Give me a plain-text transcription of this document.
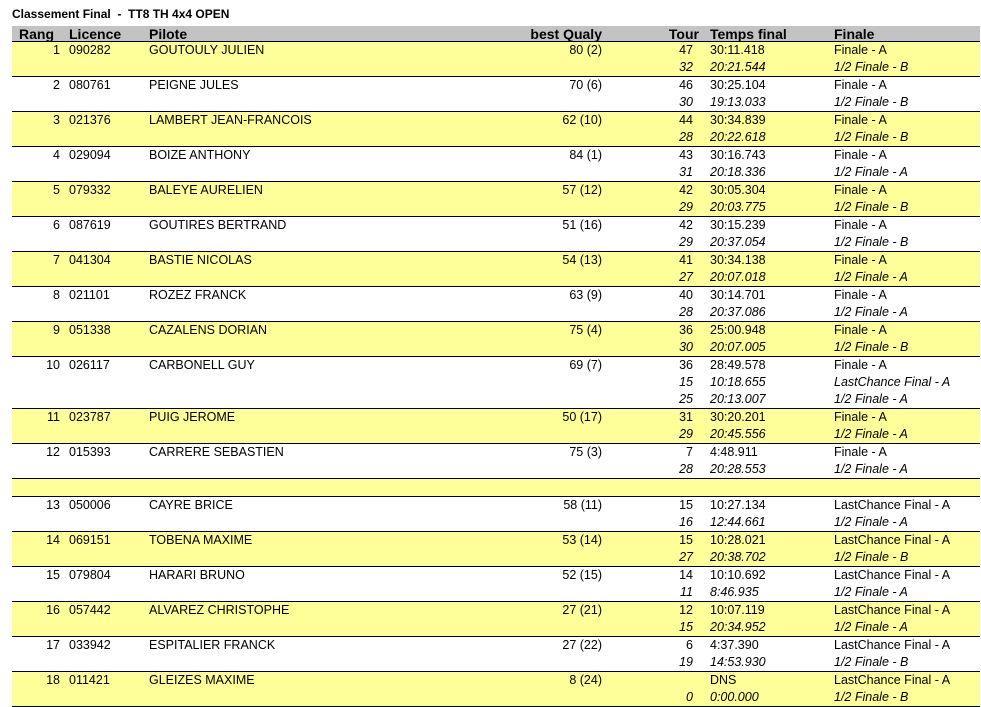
Classement Final  -  TT8 TH 4x4 OPEN
Rang Licence Pilote	best Qualy	Tour Temps final	Finale
1 090282	GOUTOULY JULIEN	80 (2)	47 30:11.418	Finale - A
32 20:21.544	1/2 Finale - B
2 080761	PEIGNE JULES	70 (6)	46 30:25.104	Finale - A
30 19:13.033	1/2 Finale - B
3 021376	LAMBERT JEAN-FRANCOIS	62 (10)	44 30:34.839	Finale - A
28 20:22.618	1/2 Finale - B
4 029094	BOIZE ANTHONY	84 (1)	43 30:16.743	Finale - A
31 20:18.336	1/2 Finale - A
5 079332	BALEYE AURELIEN	57 (12)	42 30:05.304	Finale - A
29 20:03.775	1/2 Finale - B
6 087619	GOUTIRES BERTRAND	51 (16)	42 30:15.239	Finale - A
29 20:37.054	1/2 Finale - B
7 041304	BASTIE NICOLAS	54 (13)	41 30:34.138	Finale - A
27 20:07.018	1/2 Finale - A
8 021101	ROZEZ FRANCK	63 (9)	40 30:14.701	Finale - A
28 20:37.086	1/2 Finale - A
9 051338	CAZALENS DORIAN	75 (4)	36 25:00.948	Finale - A
30 20:07.005	1/2 Finale - B
10 026117	CARBONELL GUY	69 (7)	36 28:49.578	Finale - A
15 10:18.655	LastChance Final - A
25 20:13.007	1/2 Finale - A
11 023787	PUIG JEROME	50 (17)	31 30:20.201	Finale - A
29 20:45.556	1/2 Finale - A
12 015393	CARRERE SEBASTIEN	75 (3)	7 4:48.911	Finale - A
28 20:28.553	1/2 Finale - A
13 050006	CAYRE BRICE	58 (11)	15 10:27.134	LastChance Final - A
16 12:44.661	1/2 Finale - A
14 069151	TOBENA MAXIME	53 (14)	15 10:28.021	LastChance Final - A
27 20:38.702	1/2 Finale - B
15 079804	HARARI BRUNO	52 (15)	14 10:10.692	LastChance Final - A
11 8:46.935	1/2 Finale - A
16 057442	ALVAREZ CHRISTOPHE	27 (21)	12 10:07.119	LastChance Final - A
15 20:34.952	1/2 Finale - A
17 033942	ESPITALIER FRANCK	27 (22)	6 4:37.390	LastChance Final - A
19 14:53.930	1/2 Finale - B
18 011421	GLEIZES MAXIME	8 (24)	DNS	LastChance Final - A
0 0:00.000	1/2 Finale - B
